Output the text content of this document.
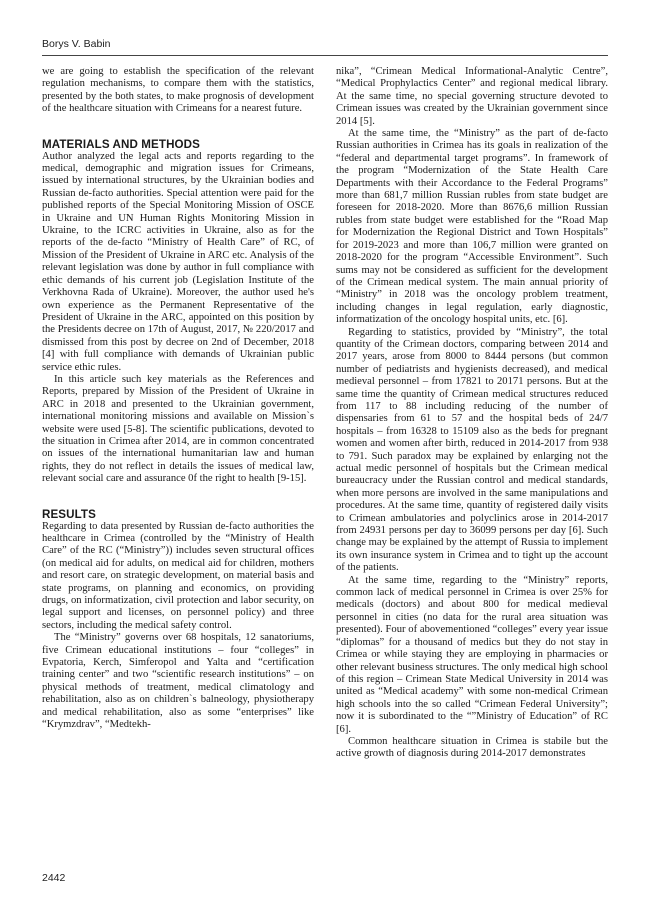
Borys V. Babin

we are going to establish the specification of the relevant regulation mechanisms, to compare them with the statistics, presented by the both states, to make prognosis of development of the healthcare situation with Crimeans for a nearest future.

MATERIALS AND METHODS

Author analyzed the legal acts and reports regarding to the medical, demographic and migration issues for Crimeans, issued by international structures, by the Ukrainian bodies and Russian de-facto authorities. Special attention were paid for the published reports of the Special Monitoring Mission of OSCE in Ukraine and UN Human Rights Monitoring Mission in Ukraine, to the ICRC activities in Ukraine, also as for the reports of the de-facto “Ministry of Health Care” of RC, of Mission of the President of Ukraine in ARC etc. Analysis of the relevant legislation was done by author in full compliance with ethic demands of his current job (Legislation Institute of the Verkhovna Rada of Ukraine). Moreover, the author used he's own experience as the Permanent Representative of the President of Ukraine in the ARC, appointed on this position by the Presidents decree on 17th of August, 2017, № 220/2017 and dismissed from this post by decree on 2nd of December, 2018 [4] with full compliance with demands of Ukrainian public service ethic rules.

In this article such key materials as the References and Reports, prepared by Mission of the President of Ukraine in ARC in 2018 and presented to the Ukrainian government, international monitoring missions and available on Mission`s website were used [5-8]. The scientific publications, devoted to the situation in Crimea after 2014, are in common concentrated on issues of the international humanitarian law and human rights, they do not reflect in details the issues of medical law, relevant social care and assurance 0f the right to health [9-15].

RESULTS

Regarding to data presented by Russian de-facto authorities the healthcare in Crimea (controlled by the “Ministry of Health Care” of the RC (“Ministry”)) includes seven structural offices (on medical aid for adults, on medical aid for children, mothers and resort care, on strategic development, on material basis and state programs, on planning and economics, on providing drugs, on informatization, civil protection and labor security, on legal support and licenses, on personnel policy) and three sectors, including the medical safety control.

The “Ministry” governs over 68 hospitals, 12 sanatoriums, five Crimean educational institutions – four “colleges” in Evpatoria, Kerch, Simferopol and Yalta and “certification training center” and two “scientific research institutions” – on physical methods of treatment, medical climatology and rehabilitation, also as on children`s balneology, physiotherapy and medical rehabilitation, also as some “enterprises” like “Krymzdrav”, “Medtekh-

nika”, “Crimean Medical Informational-Analytic Centre”, “Medical Prophylactics Center” and regional medical library. At the same time, no special governing structure devoted to Crimean issues was created by the Ukrainian government since 2014 [5].

At the same time, the “Ministry” as the part of de-facto Russian authorities in Crimea has its goals in realization of the “federal and departmental target programs”. In framework of the program “Modernization of the State Health Care Departments with their Accordance to the Federal Programs” more than 681,7 million Russian rubles from state budget are foreseen for 2018-2020. More than 8676,6 million Russian rubles from state budget were established for the “Road Map for Modernization the Regional District and Town Hospitals” for 2019-2023 and more than 106,7 million were granted on 2018-2020 for the program “Accessible Environment”. Such sums may not be considered as sufficient for the development of the Crimean medical system. The main annual priority of “Ministry” in 2018 was the oncology problem treatment, including changes in legal regulation, early diagnostic, informatization of the oncology hospital units, etc. [6].

Regarding to statistics, provided by “Ministry”, the total quantity of the Crimean doctors, comparing between 2014 and 2017 years, arose from 8000 to 8444 persons (but common number of pediatrists and hygienists decreased), and medical medieval personnel – from 17821 to 20171 persons. But at the same time the quantity of Crimean medical structures reduced from 117 to 88 including reducing of the number of dispensaries from 61 to 57 and the hospital beds of 24/7 hospitals – from 16328 to 15109 also as the beds for pregnant women and women after birth, reduced in 2014-2017 from 938 to 791. Such paradox may be explained by enlarging not the actual medic personnel of hospitals but the Crimean medical bureaucracy under the Russian control and medical standards, when more persons are involved in the same manipulations and procedures. At the same time, quantity of registered daily visits to Crimean ambulatories and polyclinics arose in 2014-2017 from 24931 persons per day to 36099 persons per day [6]. Such change may be explained by the attempt of Russia to implement its own insurance system in Crimea and to tight up the account of the patients.

At the same time, regarding to the “Ministry” reports, common lack of medical personnel in Crimea is over 25% for medicals (doctors) and about 800 for medical medieval personnel in cities (no data for the rural area situation was presented). Four of abovementioned “colleges” every year issue “diplomas” for a thousand of medics but they do not stay in Crimea or while staying they are employing in pharmacies or other relevant business structures. The only medical high school of this region – Crimean State Medical University in 2014 was united as “Medical academy” with some non-medical Crimean high schools into the so called “Crimean Federal University”; now it is subordinated to the “”Ministry of Education” of RC [6].

Common healthcare situation in Crimea is stabile but the active growth of diagnosis during 2014-2017 demonstrates

2442
